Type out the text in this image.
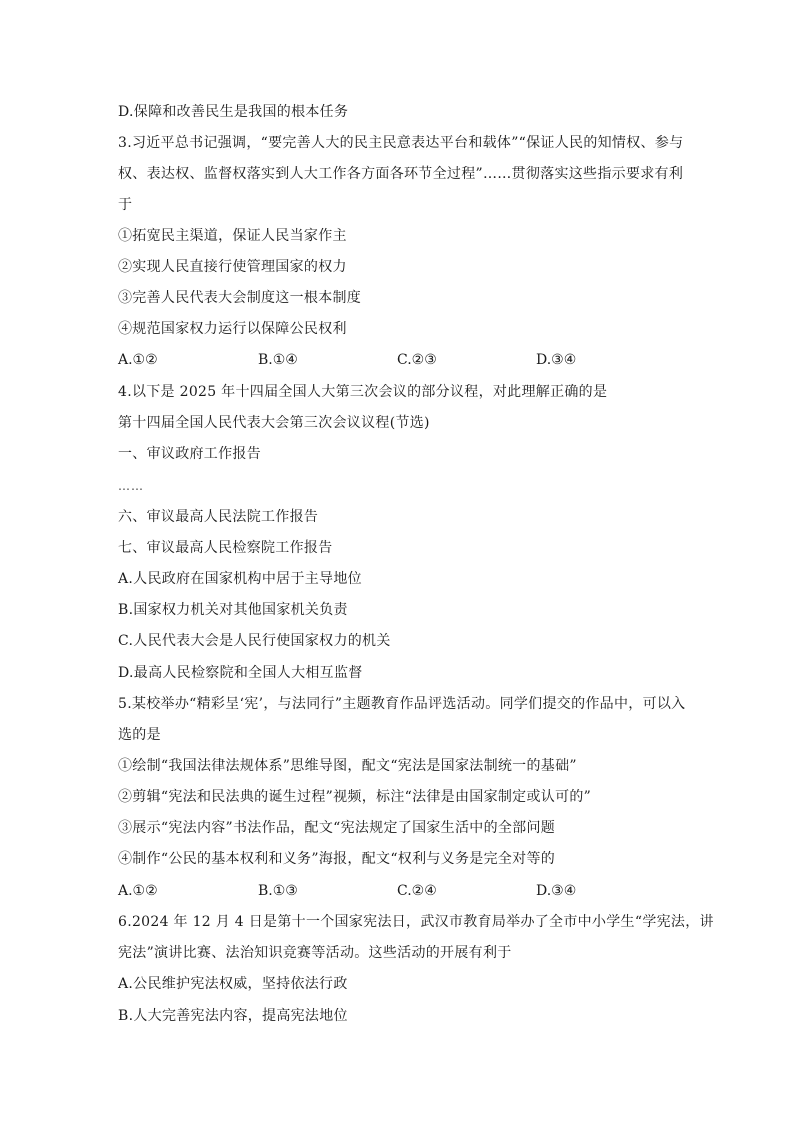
D.保障和改善民生是我国的根本任务
3.习近平总书记强调，“要完善人大的民主民意表达平台和载体”“保证人民的知情权、参与
权、表达权、监督权落实到人大工作各方面各环节全过程”……贯彻落实这些指示要求有利
于
①拓宽民主渠道，保证人民当家作主
②实现人民直接行使管理国家的权力
③完善人民代表大会制度这一根本制度
④规范国家权力运行以保障公民权利
A.①②	B.①④	C.②③	D.③④
4.以下是 2025 年十四届全国人大第三次会议的部分议程，对此理解正确的是
第十四届全国人民代表大会第三次会议议程(节选)
一、审议政府工作报告
……
六、审议最高人民法院工作报告
七、审议最高人民检察院工作报告
A.人民政府在国家机构中居于主导地位
B.国家权力机关对其他国家机关负责
C.人民代表大会是人民行使国家权力的机关
D.最高人民检察院和全国人大相互监督
5.某校举办“精彩呈‘宪’，与法同行”主题教育作品评选活动。同学们提交的作品中，可以入
选的是
①绘制“我国法律法规体系”思维导图，配文“宪法是国家法制统一的基础”
②剪辑“宪法和民法典的诞生过程”视频，标注“法律是由国家制定或认可的”
③展示“宪法内容”书法作品，配文“宪法规定了国家生活中的全部问题
④制作“公民的基本权利和义务”海报，配文“权利与义务是完全对等的
A.①②	B.①③	C.②④	D.③④
6.2024 年 12 月 4 日是第十一个国家宪法日，武汉市教育局举办了全市中小学生“学宪法，讲
宪法”演讲比赛、法治知识竞赛等活动。这些活动的开展有利于
A.公民维护宪法权威，坚持依法行政
B.人大完善宪法内容，提高宪法地位
